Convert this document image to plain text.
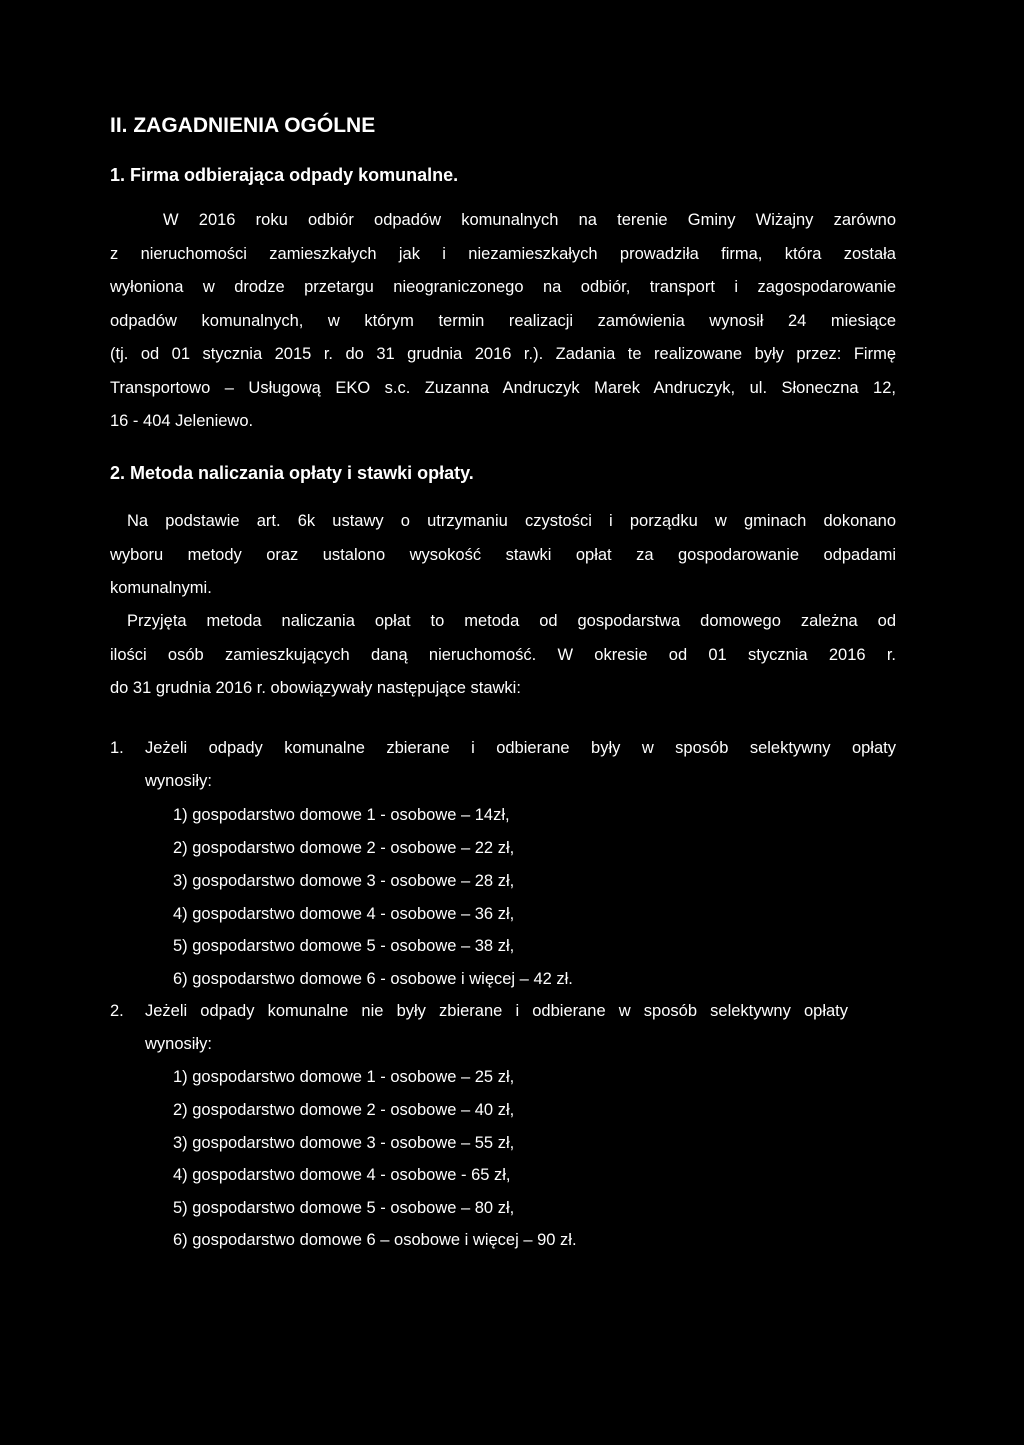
II. ZAGADNIENIA OGÓLNE
1. Firma odbierająca odpady komunalne.
W 2016 roku odbiór odpadów komunalnych na terenie Gminy Wiżajny zarówno
z nieruchomości zamieszkałych jak i niezamieszkałych prowadziła firma, która została
wyłoniona w drodze przetargu nieograniczonego na odbiór, transport i zagospodarowanie
odpadów komunalnych, w którym termin realizacji zamówienia wynosił 24 miesiące
(tj. od 01 stycznia 2015 r. do 31 grudnia 2016 r.). Zadania te realizowane były przez: Firmę
Transportowo – Usługową EKO s.c. Zuzanna Andruczyk Marek Andruczyk, ul. Słoneczna 12,
16 - 404 Jeleniewo.
2. Metoda naliczania opłaty i stawki opłaty.
Na podstawie art. 6k ustawy o utrzymaniu czystości i porządku w gminach dokonano
wyboru metody oraz ustalono wysokość stawki opłat za gospodarowanie odpadami
komunalnymi.
Przyjęta metoda naliczania opłat to metoda od gospodarstwa domowego zależna od
ilości osób zamieszkujących daną nieruchomość. W okresie od 01 stycznia 2016 r.
do 31 grudnia 2016 r. obowiązywały następujące stawki:
1. Jeżeli odpady komunalne zbierane i odbierane były w sposób selektywny opłaty
wynosiły:
1) gospodarstwo domowe 1 - osobowe – 14zł,
2) gospodarstwo domowe 2 - osobowe – 22 zł,
3) gospodarstwo domowe 3 - osobowe – 28 zł,
4) gospodarstwo domowe 4 - osobowe – 36 zł,
5) gospodarstwo domowe 5 - osobowe – 38 zł,
6) gospodarstwo domowe 6 - osobowe i więcej – 42 zł.
2. Jeżeli odpady komunalne nie były zbierane i odbierane w sposób selektywny opłaty
wynosiły:
1) gospodarstwo domowe 1 - osobowe – 25 zł,
2) gospodarstwo domowe 2 - osobowe – 40 zł,
3) gospodarstwo domowe 3 - osobowe – 55 zł,
4) gospodarstwo domowe 4 - osobowe - 65 zł,
5) gospodarstwo domowe 5 - osobowe – 80 zł,
6) gospodarstwo domowe 6 – osobowe i więcej – 90 zł.
